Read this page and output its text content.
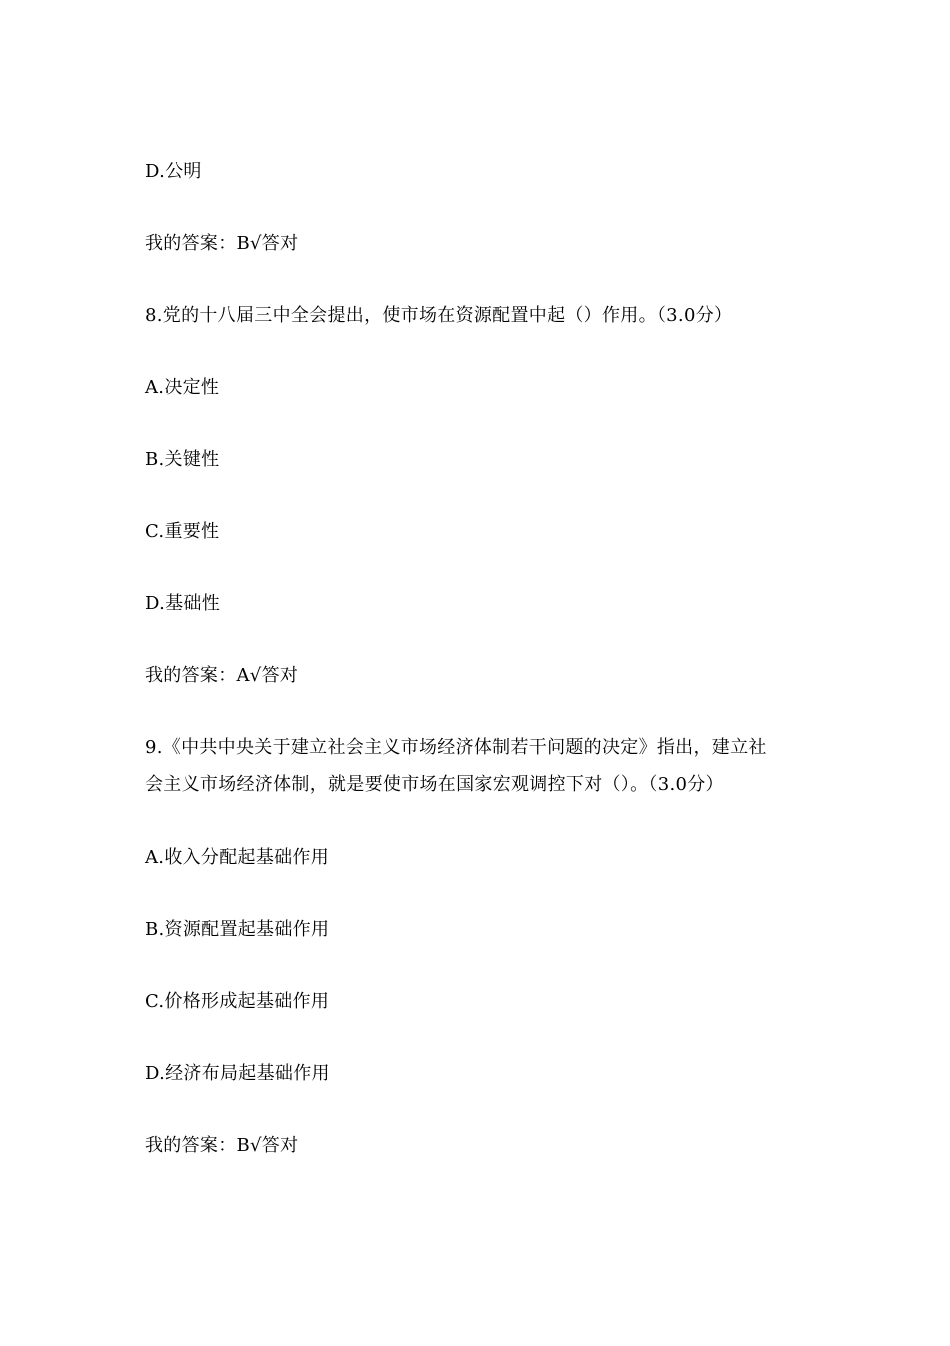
D.公明
我的答案：B√答对
8.党的十八届三中全会提出，使市场在资源配置中起（）作用。（3.0分）
A.决定性
B.关键性
C.重要性
D.基础性
我的答案：A√答对
9.《中共中央关于建立社会主义市场经济体制若干问题的决定》指出，建立社
会主义市场经济体制，就是要使市场在国家宏观调控下对（）。（3.0分）
A.收入分配起基础作用
B.资源配置起基础作用
C.价格形成起基础作用
D.经济布局起基础作用
我的答案：B√答对
